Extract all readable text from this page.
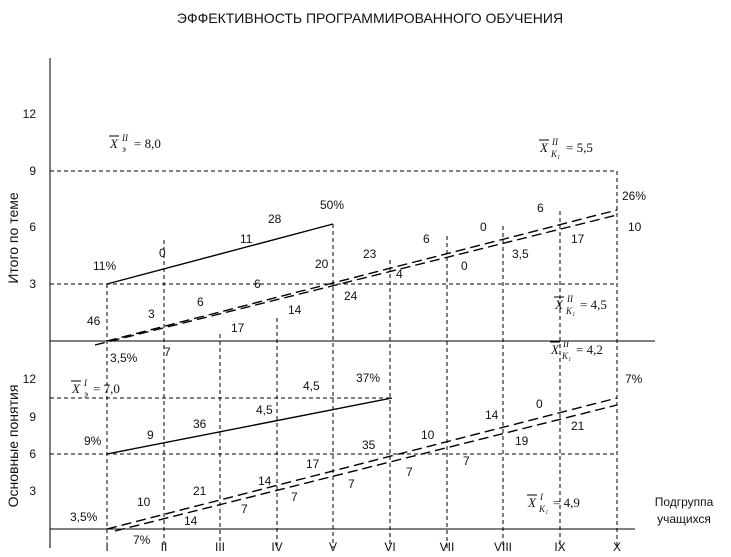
ЭФФЕКТИВНОСТЬ ПРОГРАММИРОВАННОГО ОБУЧЕНИЯ
Итого по теме
Основные понятия
3
6
9
12
3
6
9
12
I	II	III	IV	V	VI	VII	VIII	IX	X
Подгруппа
учащихся
X II
э = 8,0	X II
К₁ = 5,5
X II
К₁ = 4,5
X II
К₁ = 4,2
X I
э = 7,0
X I
К₁ = 4,9
11%
0
11
28
50%
46	3
6
6
20
23
6
0
6
26%
7
17
14
24
4
0
3,5
17
10
3,5%
4,5
37%	7%
4,5
36
9
9%	35
10
14
0
21
19
7
7
7
17
14
7
21
7
10
14
3,5%
7%
